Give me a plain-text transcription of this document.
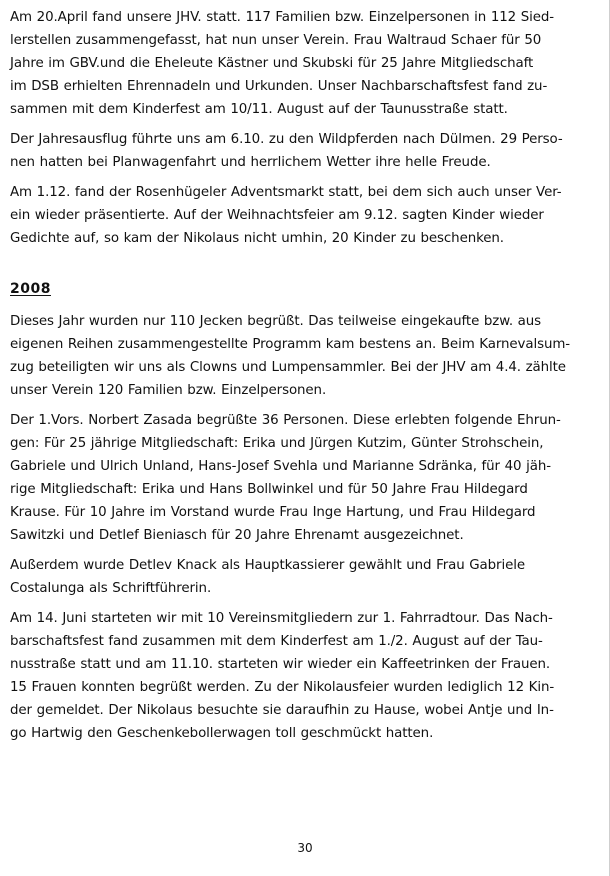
Am 20.April fand unsere JHV. statt. 117 Familien bzw. Einzelpersonen in 112 Sied-
lerstellen zusammengefasst, hat nun unser Verein. Frau Waltraud Schaer für 50
Jahre im GBV.und die Eheleute Kästner und Skubski für 25 Jahre Mitgliedschaft
im DSB erhielten Ehrennadeln und Urkunden. Unser Nachbarschaftsfest fand zu-
sammen mit dem Kinderfest am 10/11. August auf der Taunusstraße statt.

Der Jahresausflug führte uns am 6.10. zu den Wildpferden nach Dülmen. 29 Perso-
nen hatten bei Planwagenfahrt und herrlichem Wetter ihre helle Freude.

Am 1.12. fand der Rosenhügeler Adventsmarkt statt, bei dem sich auch unser Ver-
ein wieder präsentierte. Auf der Weihnachtsfeier am 9.12. sagten Kinder wieder
Gedichte auf, so kam der Nikolaus nicht umhin, 20 Kinder zu beschenken.

2008

Dieses Jahr wurden nur 110 Jecken begrüßt. Das teilweise eingekaufte bzw. aus
eigenen Reihen zusammengestellte Programm kam bestens an. Beim Karnevalsum-
zug beteiligten wir uns als Clowns und Lumpensammler. Bei der JHV am 4.4. zählte
unser Verein 120 Familien bzw. Einzelpersonen.

Der 1.Vors. Norbert Zasada begrüßte 36 Personen. Diese erlebten folgende Ehrun-
gen: Für 25 jährige Mitgliedschaft: Erika und Jürgen Kutzim, Günter Strohschein,
Gabriele und Ulrich Unland, Hans-Josef Svehla und Marianne Sdränka, für 40 jäh-
rige Mitgliedschaft: Erika und Hans Bollwinkel und für 50 Jahre Frau Hildegard
Krause. Für 10 Jahre im Vorstand wurde Frau Inge Hartung, und Frau Hildegard
Sawitzki und Detlef Bieniasch für 20 Jahre Ehrenamt ausgezeichnet.

Außerdem wurde Detlev Knack als Hauptkassierer gewählt und Frau Gabriele
Costalunga als Schriftführerin.

Am 14. Juni starteten wir mit 10 Vereinsmitgliedern zur 1. Fahrradtour. Das Nach-
barschaftsfest fand zusammen mit dem Kinderfest am 1./2. August auf der Tau-
nusstraße statt und am 11.10. starteten wir wieder ein Kaffeetrinken der Frauen.
15 Frauen konnten begrüßt werden. Zu der Nikolausfeier wurden lediglich 12 Kin-
der gemeldet. Der Nikolaus besuchte sie daraufhin zu Hause, wobei Antje und In-
go Hartwig den Geschenkebollerwagen toll geschmückt hatten.

30
